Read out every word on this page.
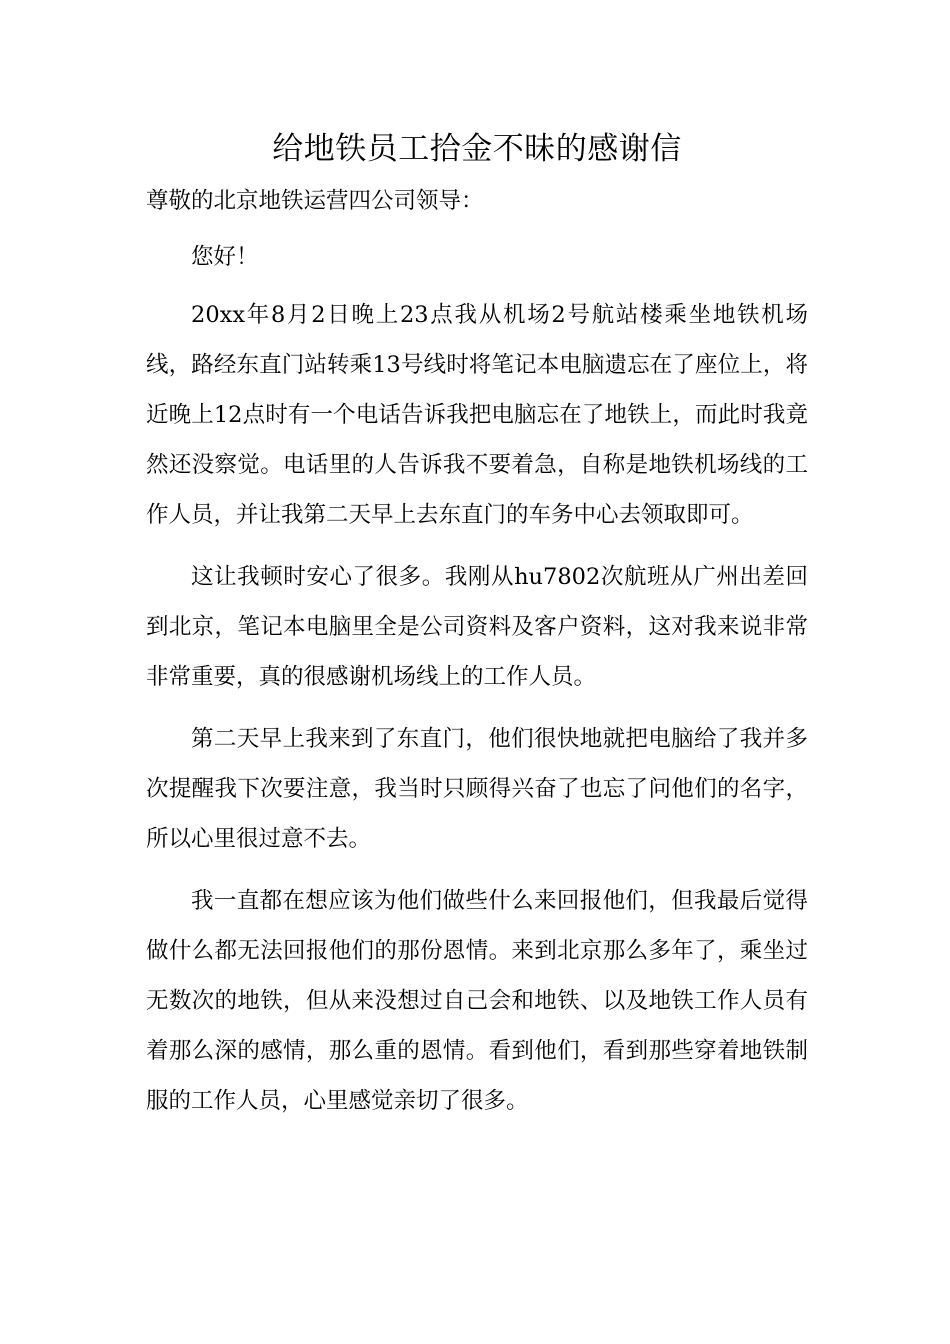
给地铁员工拾金不昧的感谢信

尊敬的北京地铁运营四公司领导：

您好！

20xx年8月2日晚上23点我从机场2号航站楼乘坐地铁机场线，路经东直门站转乘13号线时将笔记本电脑遗忘在了座位上，将近晚上12点时有一个电话告诉我把电脑忘在了地铁上，而此时我竟然还没察觉。电话里的人告诉我不要着急，自称是地铁机场线的工作人员，并让我第二天早上去东直门的车务中心去领取即可。

这让我顿时安心了很多。我刚从hu7802次航班从广州出差回到北京，笔记本电脑里全是公司资料及客户资料，这对我来说非常非常重要，真的很感谢机场线上的工作人员。

第二天早上我来到了东直门，他们很快地就把电脑给了我并多次提醒我下次要注意，我当时只顾得兴奋了也忘了问他们的名字，所以心里很过意不去。

我一直都在想应该为他们做些什么来回报他们，但我最后觉得做什么都无法回报他们的那份恩情。来到北京那么多年了，乘坐过无数次的地铁，但从来没想过自己会和地铁、以及地铁工作人员有着那么深的感情，那么重的恩情。看到他们，看到那些穿着地铁制服的工作人员，心里感觉亲切了很多。
